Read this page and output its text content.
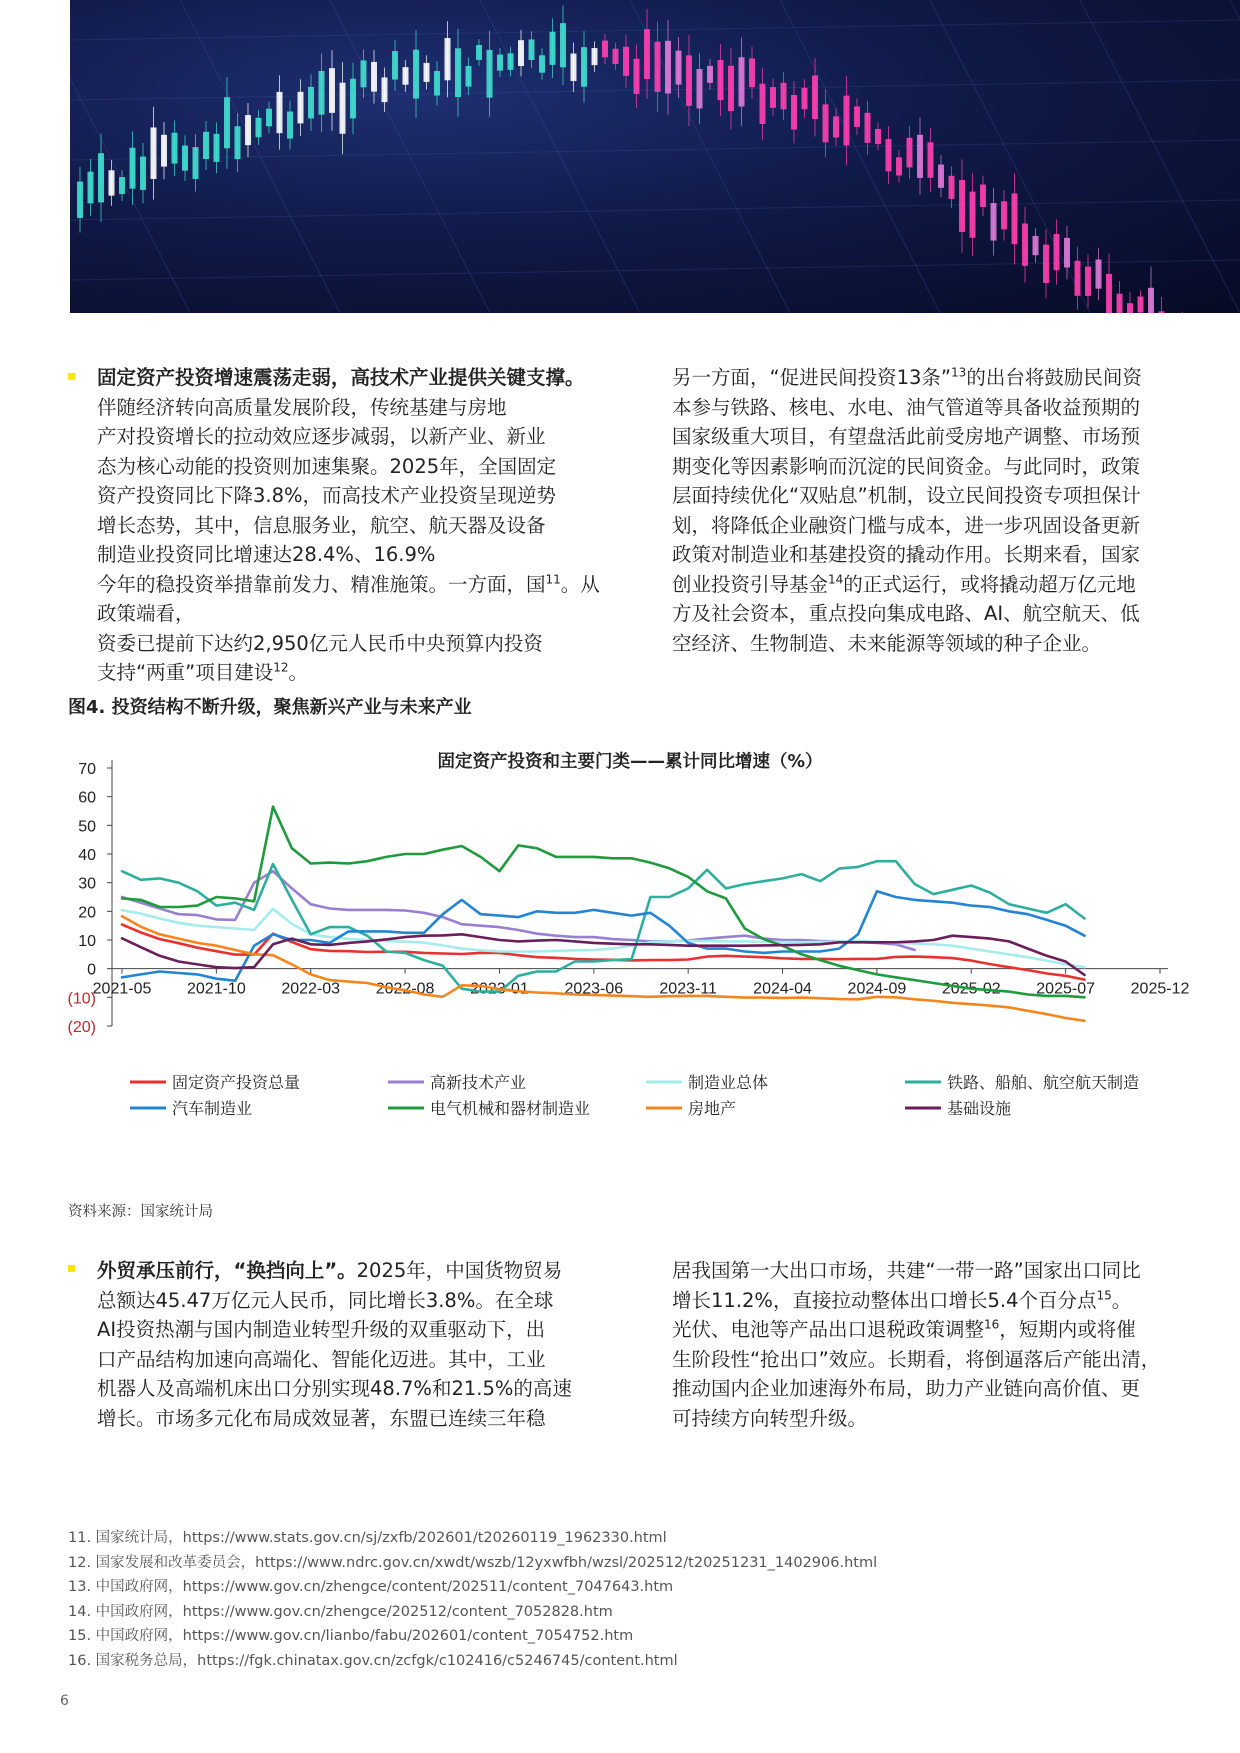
固定资产投资增速震荡走弱，高技术产业提供关键支撑。伴随经济转向高质量发展阶段，传统基建与房地
产对投资增长的拉动效应逐步减弱，以新产业、新业
态为核心动能的投资则加速集聚。2025年，全国固定
资产投资同比下降3.8%，而高技术产业投资呈现逆势
增长态势，其中，信息服务业，航空、航天器及设备
制造业投资同比增速达28.4%、16.9%
今年的稳投资举措靠前发力、精准施策。一方面，国$^{11}$。从政策端看，
资委已提前下达约2,950亿元人民币中央预算内投资
支持“两重”项目建设$^{12}$。
另一方面，“促进民间投资13条”$^{13}$的出台将鼓励民间资
本参与铁路、核电、水电、油气管道等具备收益预期的
国家级重大项目，有望盘活此前受房地产调整、市场预
期变化等因素影响而沉淀的民间资金。与此同时，政策
层面持续优化“双贴息”机制，设立民间投资专项担保计
划，将降低企业融资门槛与成本，进一步巩固设备更新
政策对制造业和基建投资的撬动作用。长期来看，国家
创业投资引导基金$^{14}$的正式运行，或将撬动超万亿元地
方及社会资本，重点投向集成电路、AI、航空航天、低
空经济、生物制造、未来能源等领域的种子企业。
图4. 投资结构不断升级，聚焦新兴产业与未来产业
固定资产投资和主要门类——累计同比增速（%）
70
60
50
40
30
20
10
0
(10)
(20)
2021-05 2021-10 2022-03 2022-08 2023-01 2023-06 2023-11 2024-04 2024-09 2025-02 2025-07 2025-12
固定资产投资总量	高新技术产业	制造业总体	铁路、船舶、航空航天制造
汽车制造业	电气机械和器材制造业	房地产	基础设施
资料来源：国家统计局
外贸承压前行，“换挡向上”。2025年，中国货物贸易
总额达45.47万亿元人民币，同比增长3.8%。在全球
AI投资热潮与国内制造业转型升级的双重驱动下，出
口产品结构加速向高端化、智能化迈进。其中，工业
机器人及高端机床出口分别实现48.7%和21.5%的高速
增长。市场多元化布局成效显著，东盟已连续三年稳
居我国第一大出口市场，共建“一带一路”国家出口同比
增长11.2%，直接拉动整体出口增长5.4个百分点$^{15}$。
光伏、电池等产品出口退税政策调整$^{16}$，短期内或将催
生阶段性“抢出口”效应。长期看，将倒逼落后产能出清，
推动国内企业加速海外布局，助力产业链向高价值、更
可持续方向转型升级。
11. 国家统计局，https://www.stats.gov.cn/sj/zxfb/202601/t20260119_1962330.html
12. 国家发展和改革委员会，https://www.ndrc.gov.cn/xwdt/wszb/12yxwfbh/wzsl/202512/t20251231_1402906.html
13. 中国政府网，https://www.gov.cn/zhengce/content/202511/content_7047643.htm
14. 中国政府网，https://www.gov.cn/zhengce/202512/content_7052828.htm
15. 中国政府网，https://www.gov.cn/lianbo/fabu/202601/content_7054752.htm
16. 国家税务总局，https://fgk.chinatax.gov.cn/zcfgk/c102416/c5246745/content.html
6
